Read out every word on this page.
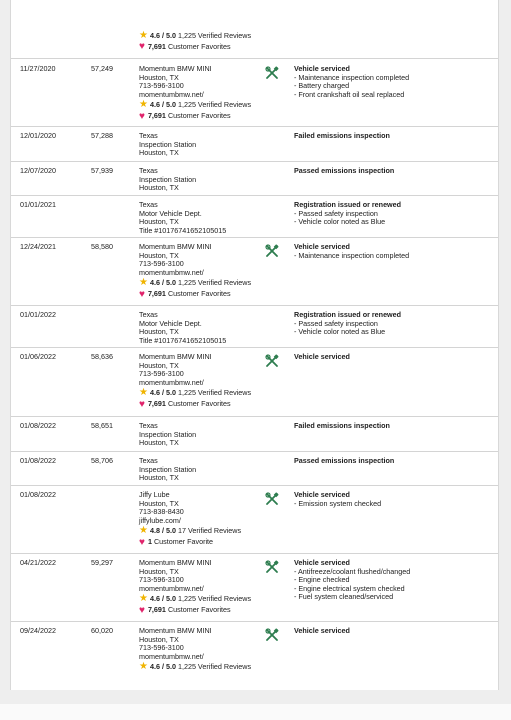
★ 4.6 / 5.0 1,225 Verified Reviews
♥ 7,691 Customer Favorites
11/27/2020	57,249	Momentum BMW MINI
Houston, TX
713-596-3100
momentumbmw.net/
★ 4.6 / 5.0 1,225 Verified Reviews
♥ 7,691 Customer Favorites
Vehicle serviced
- Maintenance inspection completed
- Battery charged
- Front crankshaft oil seal replaced
12/01/2020	57,288	Texas
Inspection Station
Houston, TX
Failed emissions inspection
12/07/2020	57,939	Texas
Inspection Station
Houston, TX
Passed emissions inspection
01/01/2021	Texas
Motor Vehicle Dept.
Houston, TX
Title #10176741652105015
Registration issued or renewed
- Passed safety inspection
- Vehicle color noted as Blue
12/24/2021	58,580	Momentum BMW MINI
Houston, TX
713-596-3100
momentumbmw.net/
★ 4.6 / 5.0 1,225 Verified Reviews
♥ 7,691 Customer Favorites
Vehicle serviced
- Maintenance inspection completed
01/01/2022	Texas
Motor Vehicle Dept.
Houston, TX
Title #10176741652105015
Registration issued or renewed
- Passed safety inspection
- Vehicle color noted as Blue
01/06/2022	58,636	Momentum BMW MINI
Houston, TX
713-596-3100
momentumbmw.net/
★ 4.6 / 5.0 1,225 Verified Reviews
♥ 7,691 Customer Favorites
Vehicle serviced
01/08/2022	58,651	Texas
Inspection Station
Houston, TX
Failed emissions inspection
01/08/2022	58,706	Texas
Inspection Station
Houston, TX
Passed emissions inspection
01/08/2022	Jiffy Lube
Houston, TX
713-838-8430
jiffylube.com/
★ 4.8 / 5.0 17 Verified Reviews
♥ 1 Customer Favorite
Vehicle serviced
- Emission system checked
04/21/2022	59,297	Momentum BMW MINI
Houston, TX
713-596-3100
momentumbmw.net/
★ 4.6 / 5.0 1,225 Verified Reviews
♥ 7,691 Customer Favorites
Vehicle serviced
- Antifreeze/coolant flushed/changed
- Engine checked
- Engine electrical system checked
- Fuel system cleaned/serviced
09/24/2022	60,020	Momentum BMW MINI
Houston, TX
713-596-3100
momentumbmw.net/
★ 4.6 / 5.0 1,225 Verified Reviews
Vehicle serviced
